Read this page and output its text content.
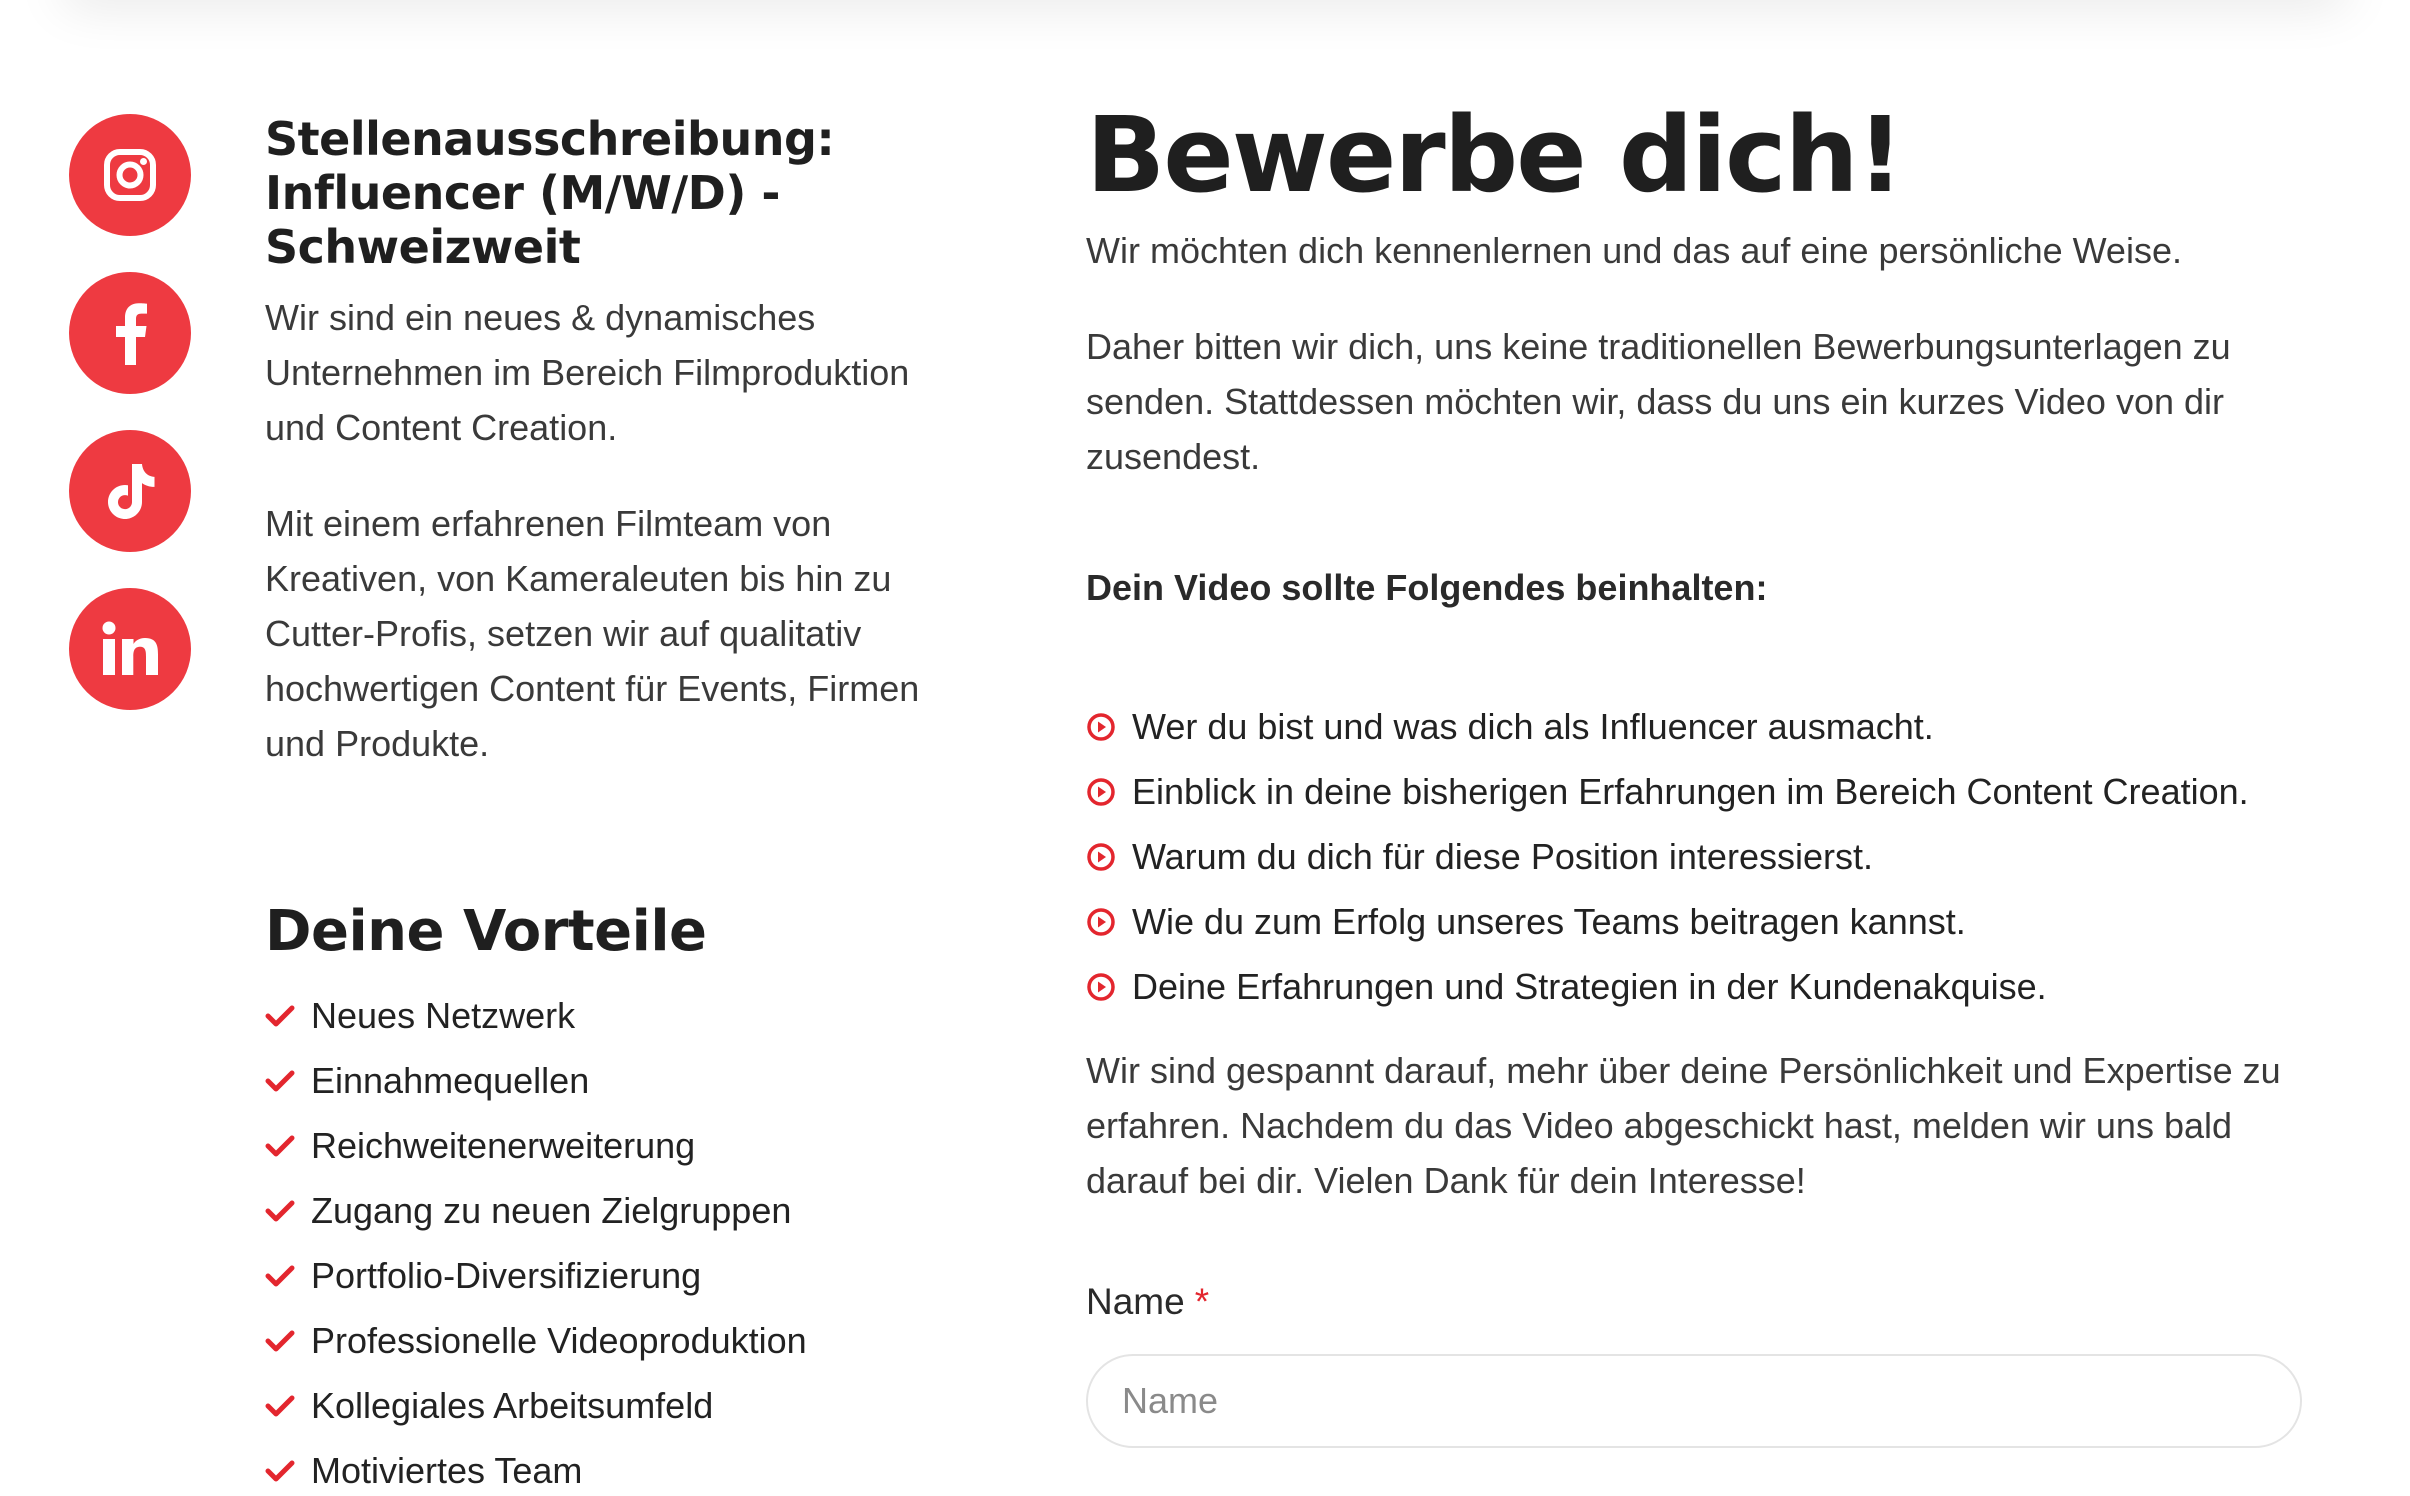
Stellenausschreibung: Influencer (M/W/D) - Schweizweit

Wir sind ein neues & dynamisches Unternehmen im Bereich Filmproduktion und Content Creation.

Mit einem erfahrenen Filmteam von Kreativen, von Kameraleuten bis hin zu Cutter-Profis, setzen wir auf qualitativ hochwertigen Content für Events, Firmen und Produkte.

Deine Vorteile
Neues Netzwerk
Einnahmequellen
Reichweitenerweiterung
Zugang zu neuen Zielgruppen
Portfolio-Diversifizierung
Professionelle Videoproduktion
Kollegiales Arbeitsumfeld
Motiviertes Team
Bewerbe dich!

Wir möchten dich kennenlernen und das auf eine persönliche Weise.

Daher bitten wir dich, uns keine traditionellen Bewerbungsunterlagen zu senden. Stattdessen möchten wir, dass du uns ein kurzes Video von dir zusendest.

Dein Video sollte Folgendes beinhalten:

Wer du bist und was dich als Influencer ausmacht.
Einblick in deine bisherigen Erfahrungen im Bereich Content Creation.
Warum du dich für diese Position interessierst.
Wie du zum Erfolg unseres Teams beitragen kannst.
Deine Erfahrungen und Strategien in der Kundenakquise.

Wir sind gespannt darauf, mehr über deine Persönlichkeit und Expertise zu erfahren. Nachdem du das Video abgeschickt hast, melden wir uns bald darauf bei dir. Vielen Dank für dein Interesse!

Name *
Name
